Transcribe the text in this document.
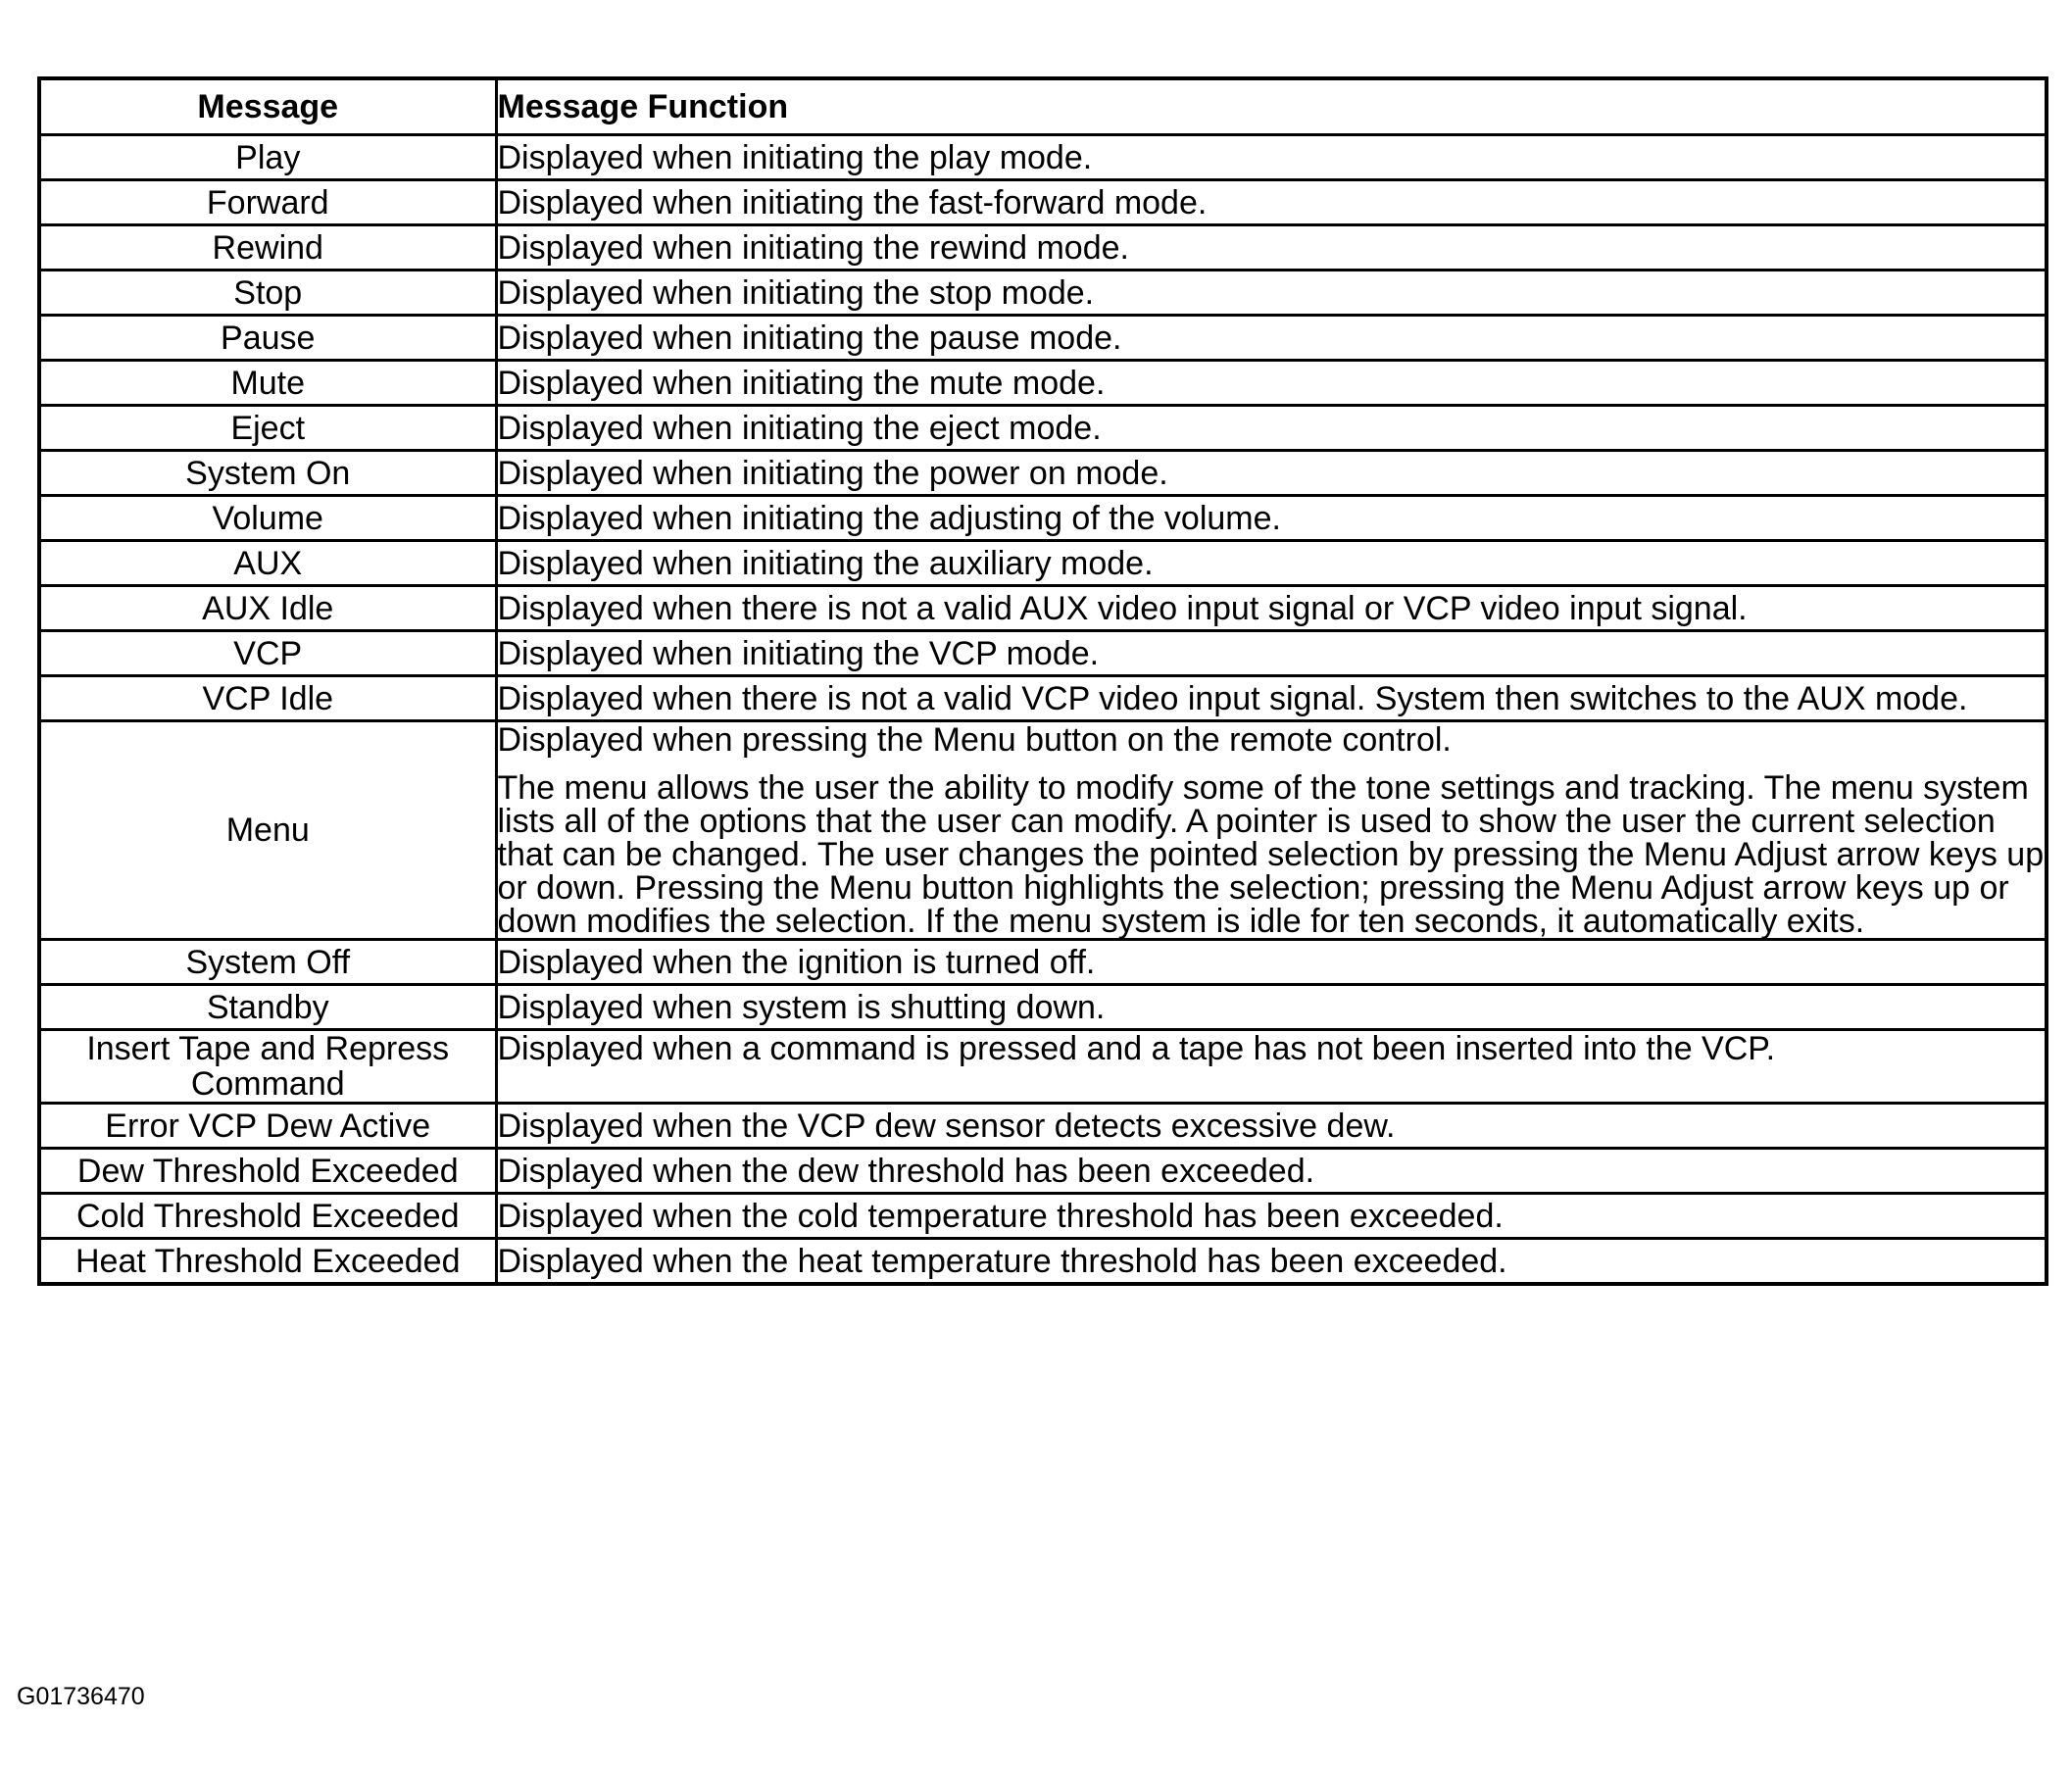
Message	Message Function
Play	Displayed when initiating the play mode.

Forward	Displayed when initiating the fast-forward mode.

Rewind	Displayed when initiating the rewind mode.

Stop	Displayed when initiating the stop mode.

Pause	Displayed when initiating the pause mode.

Mute	Displayed when initiating the mute mode.

Eject	Displayed when initiating the eject mode.

System On	Displayed when initiating the power on mode.

Volume	Displayed when initiating the adjusting of the volume.

AUX	Displayed when initiating the auxiliary mode.

AUX Idle	Displayed when there is not a valid AUX video input signal or VCP video input signal.

VCP	Displayed when initiating the VCP mode.

VCP Idle	Displayed when there is not a valid VCP video input signal. System then switches to the AUX mode.

Menu	Displayed when pressing the Menu button on the remote control.
The menu allows the user the ability to modify some of the tone settings and tracking. The menu system lists all of the options that the user can modify. A pointer is used to show the user the current selection that can be changed. The user changes the pointed selection by pressing the Menu Adjust arrow keys up or down. Pressing the Menu button highlights the selection; pressing the Menu Adjust arrow keys up or down modifies the selection. If the menu system is idle for ten seconds, it automatically exits.

System Off	Displayed when the ignition is turned off.

Standby	Displayed when system is shutting down.

Insert Tape and Repress Command	Displayed when a command is pressed and a tape has not been inserted into the VCP.

Error VCP Dew Active	Displayed when the VCP dew sensor detects excessive dew.

Dew Threshold Exceeded	Displayed when the dew threshold has been exceeded.

Cold Threshold Exceeded	Displayed when the cold temperature threshold has been exceeded.

Heat Threshold Exceeded	Displayed when the heat temperature threshold has been exceeded.
G01736470
